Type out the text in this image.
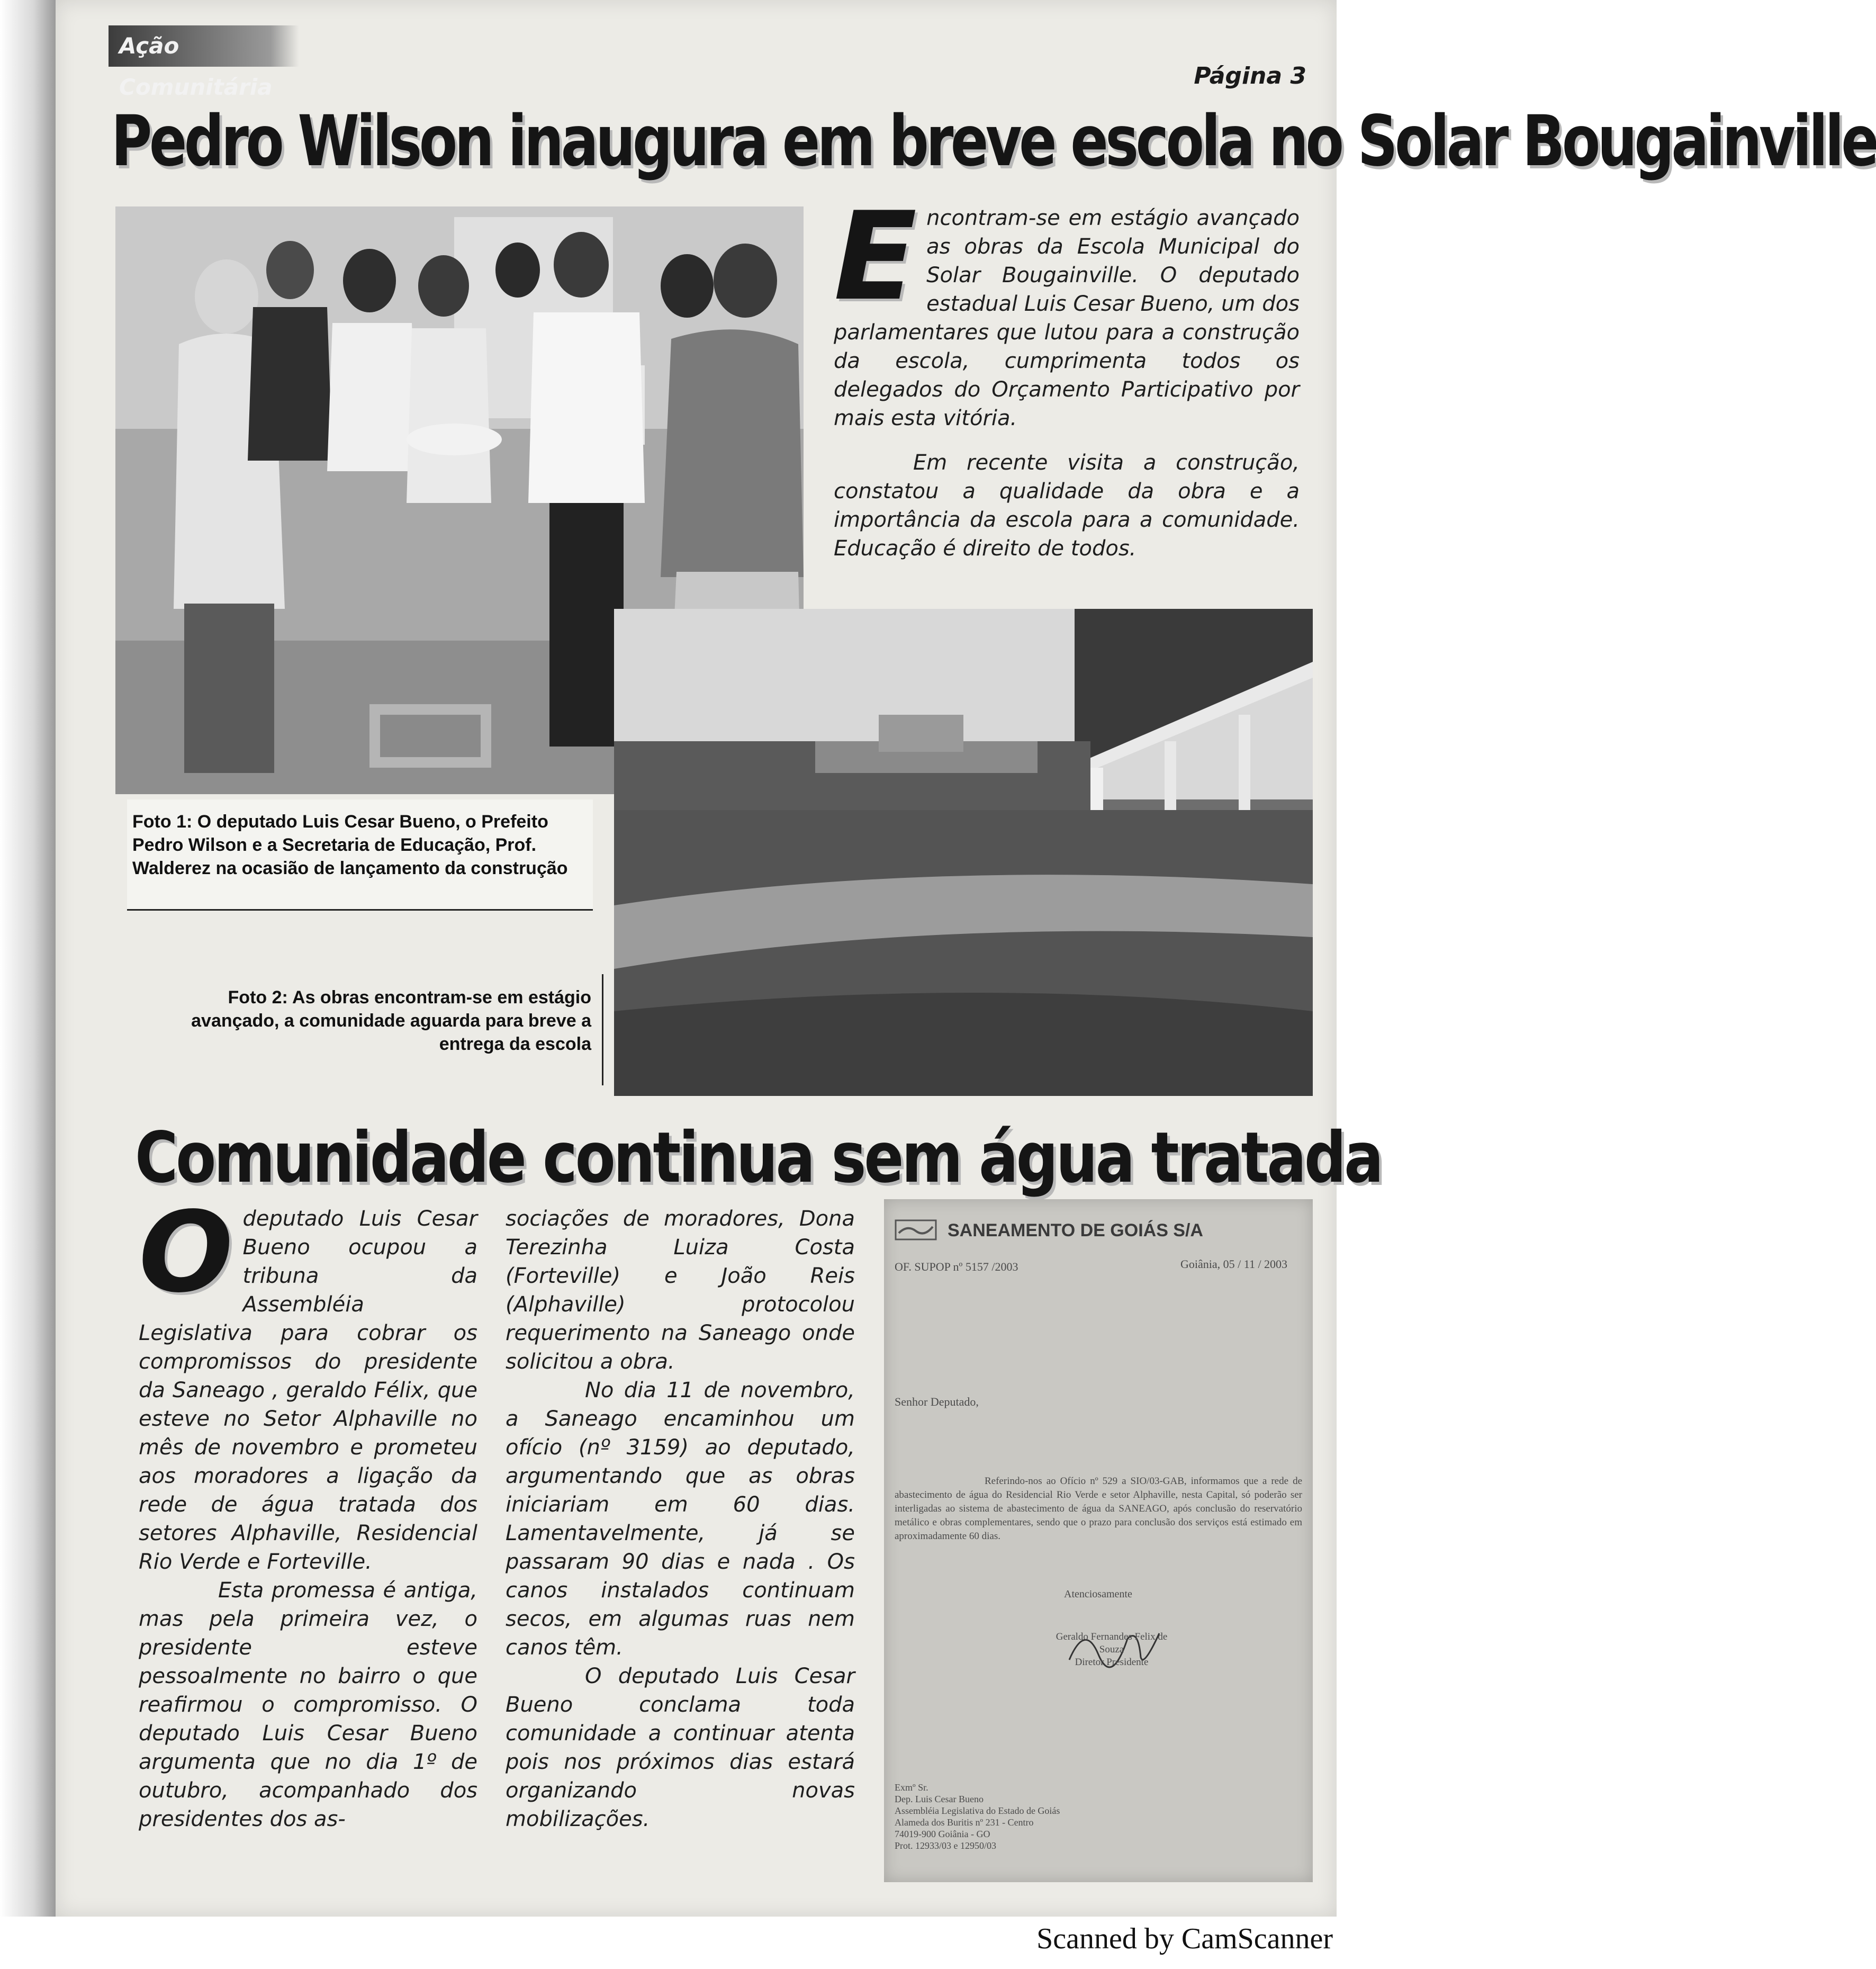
Ação Comunitária	Página 3
Pedro Wilson inaugura em breve escola no Solar Bougainville
Foto 1: O deputado Luis Cesar Bueno, o Prefeito Pedro Wilson e a Secretaria de Educação, Prof. Walderez na ocasião de lançamento da construção
Foto 2: As obras encontram-se em estágio avançado, a comunidade aguarda para breve a entrega da escola
E ncontram-se em estágio avançado as obras da Escola Municipal do Solar Bougainville. O deputado estadual Luis Cesar Bueno, um dos parlamentares que lutou para a construção da escola, cumprimenta todos os delegados do Orçamento Participativo por mais esta vitória.

Em recente visita a construção, constatou a qualidade da obra e a importância da escola para a comunidade. Educação é direito de todos.

Comunidade continua sem água tratada
O deputado Luis Cesar Bueno ocupou a tribuna da Assembléia Legislativa para cobrar os compromissos do presidente da Saneago , geraldo Félix, que esteve no Setor Alphaville no mês de novembro e prometeu aos moradores a ligação da rede de água tratada dos setores Alphaville, Residencial Rio Verde e Forteville.

Esta promessa é antiga, mas pela primeira vez, o presidente esteve pessoalmente no bairro o que reafirmou o compromisso. O deputado Luis Cesar Bueno argumenta que no dia 1º de outubro, acompanhado dos presidentes dos as-

sociações de moradores, Dona Terezinha Luiza Costa (Forteville) e João Reis (Alphaville) protocolou requerimento na Saneago onde solicitou a obra.

No dia 11 de novembro, a Saneago encaminhou um ofício (nº 3159) ao deputado, argumentando que as obras iniciariam em 60 dias. Lamentavelmente, já se passaram 90 dias e nada . Os canos instalados continuam secos, em algumas ruas nem canos têm.

O deputado Luis Cesar Bueno conclama toda comunidade a continuar atenta pois nos próximos dias estará organizando novas mobilizações.

SANEAMENTO DE GOIÁS S/A
OF. SUPOP nº 5157 /2003	Goiânia, 05 / 11 / 2003
Senhor Deputado,
Referindo-nos ao Ofício nº 529 a SIO/03-GAB, informamos que a rede de abastecimento de água do Residencial Rio Verde e setor Alphaville, nesta Capital, só poderão ser interligadas ao sistema de abastecimento de água da SANEAGO, após conclusão do reservatório metálico e obras complementares, sendo que o prazo para conclusão dos serviços está estimado em aproximadamente 60 dias.
Atenciosamente
Geraldo Fernandes Felix de Souza
Diretor Presidente
Exmº Sr.
Dep. Luis Cesar Bueno
Assembléia Legislativa do Estado de Goiás
Alameda dos Buritis nº 231 - Centro
74019-900 Goiânia - GO
Prot. 12933/03 e 12950/03
Scanned by CamScanner
